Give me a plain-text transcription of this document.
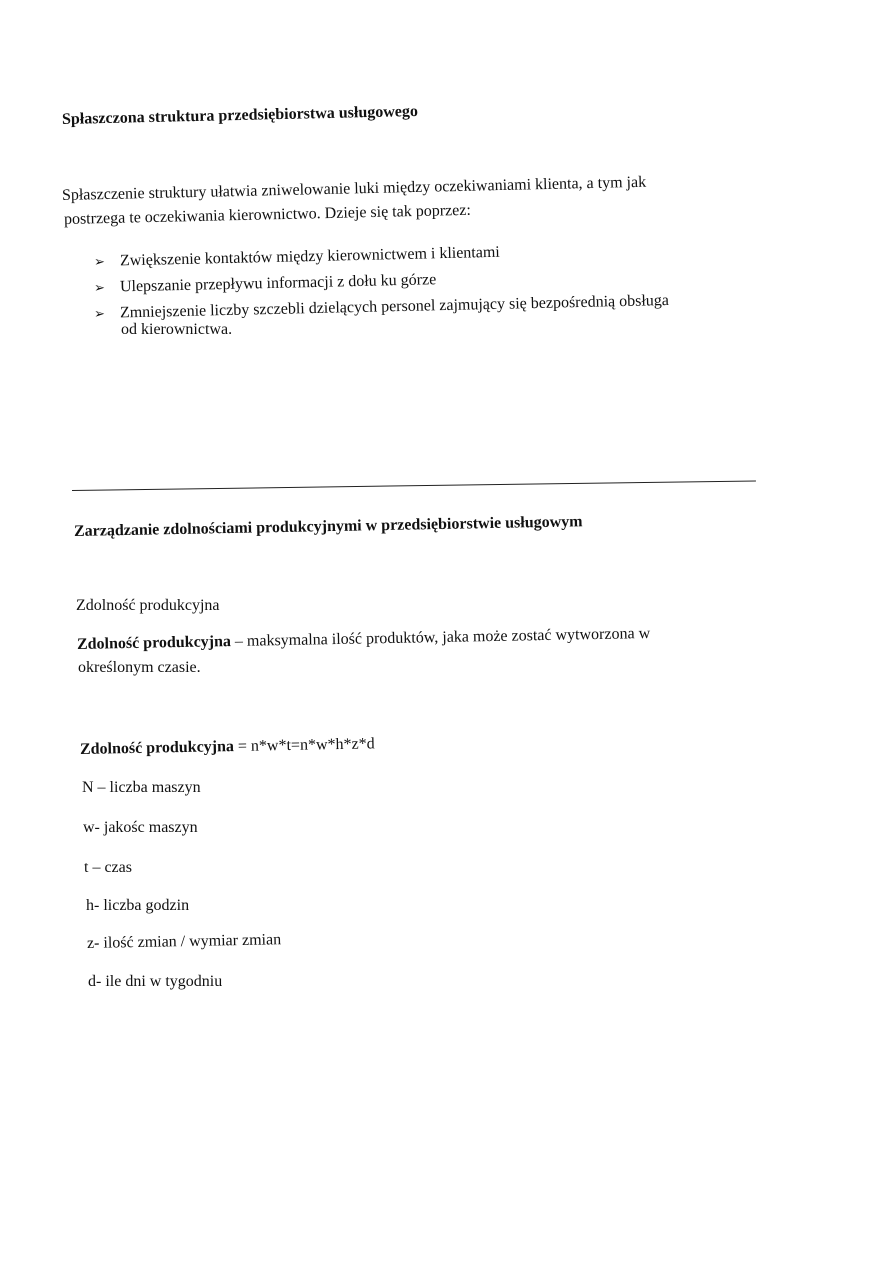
Spłaszczona struktura przedsiębiorstwa usługowego
Spłaszczenie struktury ułatwia zniwelowanie luki między oczekiwaniami klienta, a tym jak
postrzega te oczekiwania kierownictwo. Dzieje się tak poprzez:
➢ Zwiększenie kontaktów między kierownictwem i klientami
➢ Ulepszanie przepływu informacji z dołu ku górze
➢ Zmniejszenie liczby szczebli dzielących personel zajmujący się bezpośrednią obsługa
od kierownictwa.
Zarządzanie zdolnościami produkcyjnymi w przedsiębiorstwie usługowym
Zdolność produkcyjna
Zdolność produkcyjna – maksymalna ilość produktów, jaka może zostać wytworzona w
określonym czasie.
Zdolność produkcyjna = n*w*t=n*w*h*z*d
N – liczba maszyn
w- jakośc maszyn
t – czas
h- liczba godzin
z- ilość zmian / wymiar zmian
d- ile dni w tygodniu
